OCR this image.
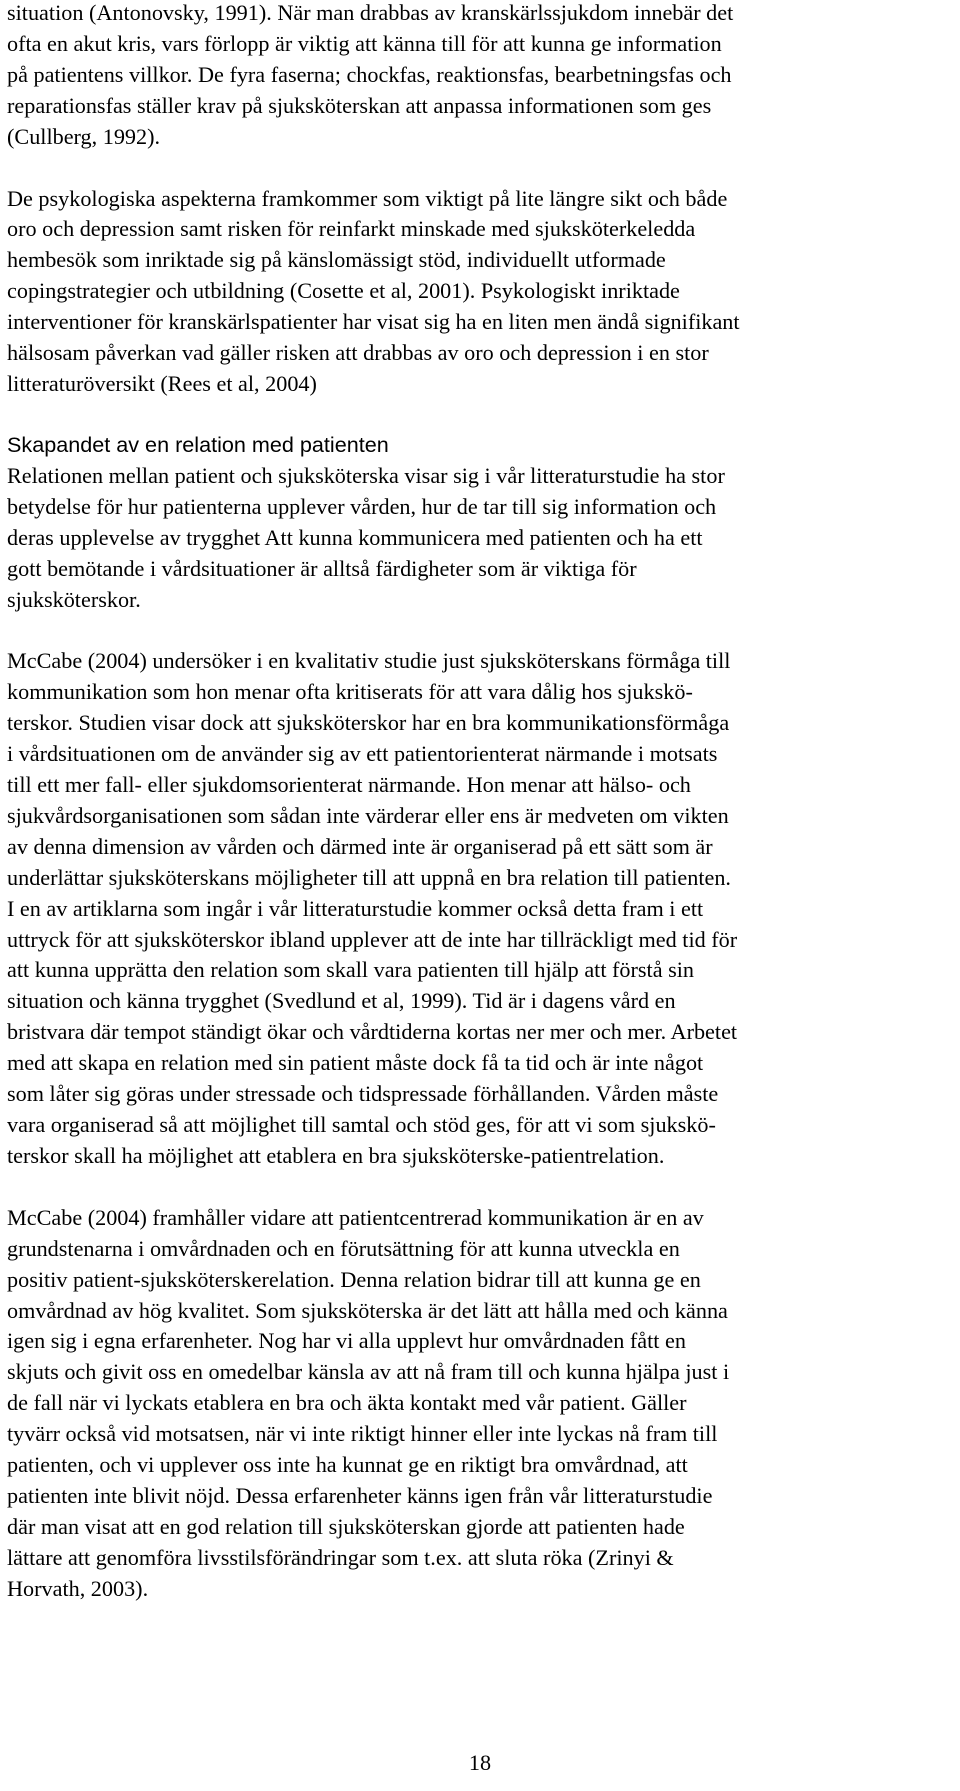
situation (Antonovsky, 1991). När man drabbas av kranskärlssjukdom innebär det
ofta en akut kris, vars förlopp är viktig att känna till för att kunna ge information
på patientens villkor. De fyra faserna; chockfas, reaktionsfas, bearbetningsfas och
reparationsfas ställer krav på sjuksköterskan att anpassa informationen som ges
(Cullberg, 1992).
De psykologiska aspekterna framkommer som viktigt på lite längre sikt och både
oro och depression samt risken för reinfarkt minskade med sjuksköterkeledda
hembesök som inriktade sig på känslomässigt stöd, individuellt utformade
copingstrategier och utbildning (Cosette et al, 2001). Psykologiskt inriktade
interventioner för kranskärlspatienter har visat sig ha en liten men ändå signifikant
hälsosam påverkan vad gäller risken att drabbas av oro och depression i en stor
litteraturöversikt (Rees et al, 2004)
Skapandet av en relation med patienten
Relationen mellan patient och sjuksköterska visar sig i vår litteraturstudie ha stor
betydelse för hur patienterna upplever vården, hur de tar till sig information och
deras upplevelse av trygghet Att kunna kommunicera med patienten och ha ett
gott bemötande i vårdsituationer är alltså färdigheter som är viktiga för
sjuksköterskor.
McCabe (2004) undersöker i en kvalitativ studie just sjuksköterskans förmåga till
kommunikation som hon menar ofta kritiserats för att vara dålig hos sjukskö-
terskor. Studien visar dock att sjuksköterskor har en bra kommunikationsförmåga
i vårdsituationen om de använder sig av ett patientorienterat närmande i motsats
till ett mer fall- eller sjukdomsorienterat närmande. Hon menar att hälso- och
sjukvårdsorganisationen som sådan inte värderar eller ens är medveten om vikten
av denna dimension av vården och därmed inte är organiserad på ett sätt som är
underlättar sjuksköterskans möjligheter till att uppnå en bra relation till patienten.
I en av artiklarna som ingår i vår litteraturstudie kommer också detta fram i ett
uttryck för att sjuksköterskor ibland upplever att de inte har tillräckligt med tid för
att kunna upprätta den relation som skall vara patienten till hjälp att förstå sin
situation och känna trygghet (Svedlund et al, 1999). Tid är i dagens vård en
bristvara där tempot ständigt ökar och vårdtiderna kortas ner mer och mer. Arbetet
med att skapa en relation med sin patient måste dock få ta tid och är inte något
som låter sig göras under stressade och tidspressade förhållanden. Vården måste
vara organiserad så att möjlighet till samtal och stöd ges, för att vi som sjukskö-
terskor skall ha möjlighet att etablera en bra sjuksköterske-patientrelation.
McCabe (2004) framhåller vidare att patientcentrerad kommunikation är en av
grundstenarna i omvårdnaden och en förutsättning för att kunna utveckla en
positiv patient-sjuksköterskerelation. Denna relation bidrar till att kunna ge en
omvårdnad av hög kvalitet. Som sjuksköterska är det lätt att hålla med och känna
igen sig i egna erfarenheter. Nog har vi alla upplevt hur omvårdnaden fått en
skjuts och givit oss en omedelbar känsla av att nå fram till och kunna hjälpa just i
de fall när vi lyckats etablera en bra och äkta kontakt med vår patient. Gäller
tyvärr också vid motsatsen, när vi inte riktigt hinner eller inte lyckas nå fram till
patienten, och vi upplever oss inte ha kunnat ge en riktigt bra omvårdnad, att
patienten inte blivit nöjd. Dessa erfarenheter känns igen från vår litteraturstudie
där man visat att en god relation till sjuksköterskan gjorde att patienten hade
lättare att genomföra livsstilsförändringar som t.ex. att sluta röka (Zrinyi &
Horvath, 2003).
18
